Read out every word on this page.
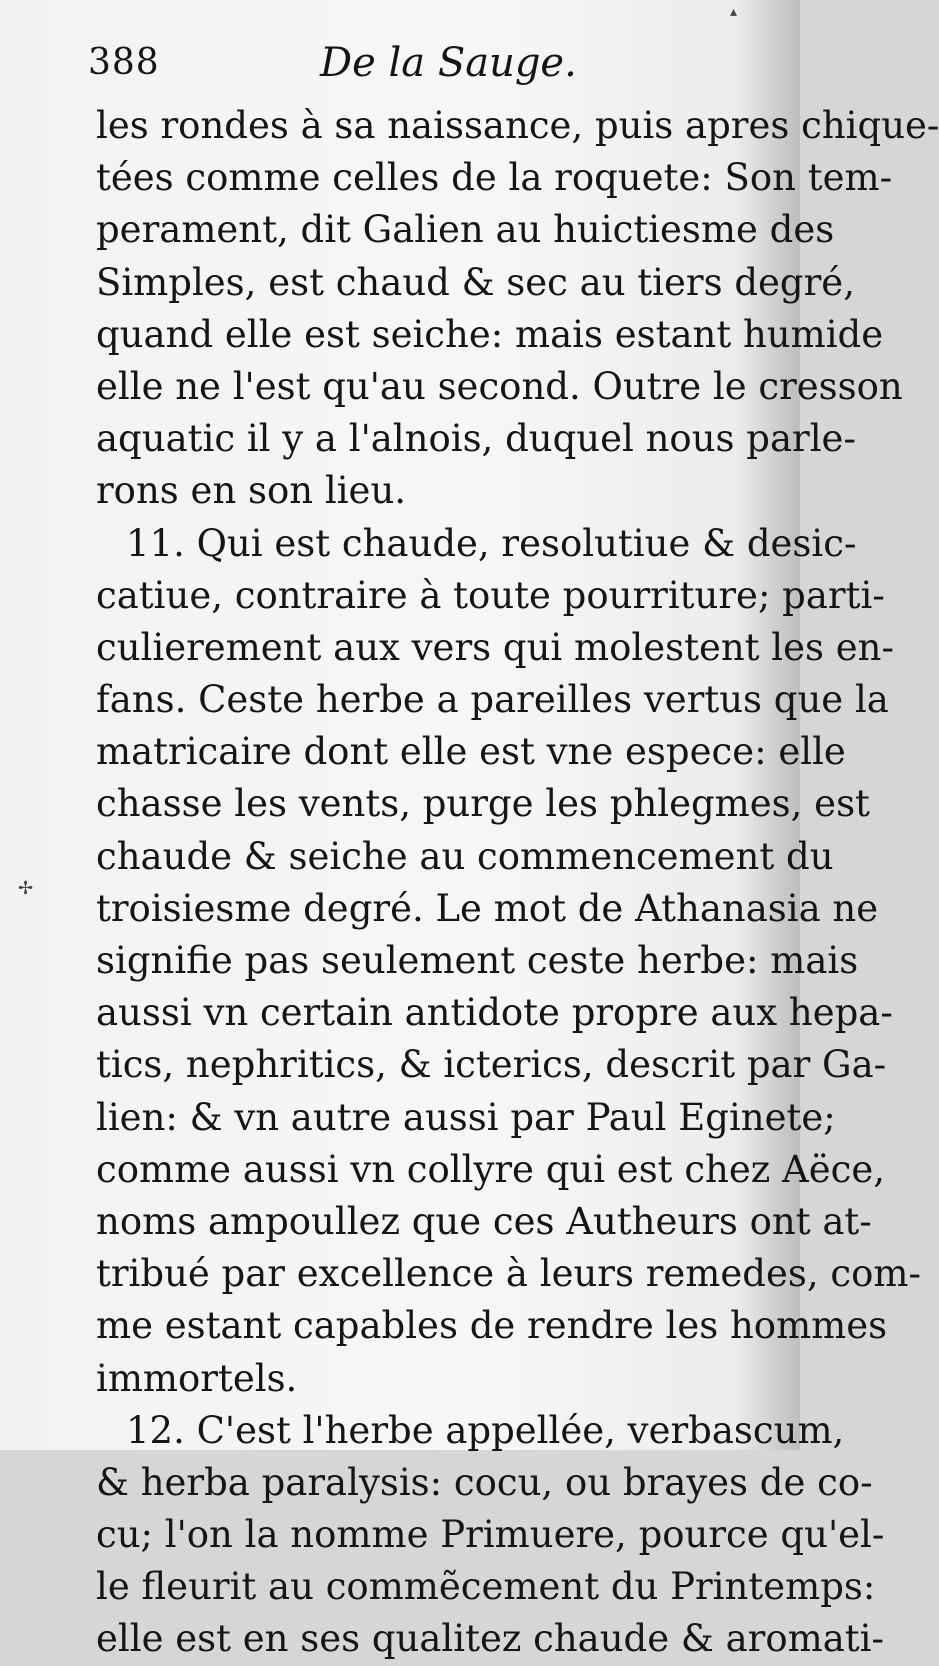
▴
✢
388	De la Sauge.
les rondes à sa naissance, puis apres chique-
tées comme celles de la roquete: Son tem-
perament, dit Galien au huictiesme des
Simples, est chaud & sec au tiers degré,
quand elle est seiche: mais estant humide
elle ne l'est qu'au second. Outre le cresson
aquatic il y a l'alnois, duquel nous parle-
rons en son lieu.
11. Qui est chaude, resolutiue & desic-
catiue, contraire à toute pourriture; parti-
culierement aux vers qui molestent les en-
fans. Ceste herbe a pareilles vertus que la
matricaire dont elle est vne espece: elle
chasse les vents, purge les phlegmes, est
chaude & seiche au commencement du
troisiesme degré. Le mot de Athanasia ne
signifie pas seulement ceste herbe: mais
aussi vn certain antidote propre aux hepa-
tics, nephritics, & icterics, descrit par Ga-
lien: & vn autre aussi par Paul Eginete;
comme aussi vn collyre qui est chez Aëce,
noms ampoullez que ces Autheurs ont at-
tribué par excellence à leurs remedes, com-
me estant capables de rendre les hommes
immortels.
12. C'est l'herbe appellée, verbascum,
& herba paralysis: cocu, ou brayes de co-
cu; l'on la nomme Primuere, pource qu'el-
le fleurit au commẽcement du Printemps:
elle est en ses qualitez chaude & aromati-
